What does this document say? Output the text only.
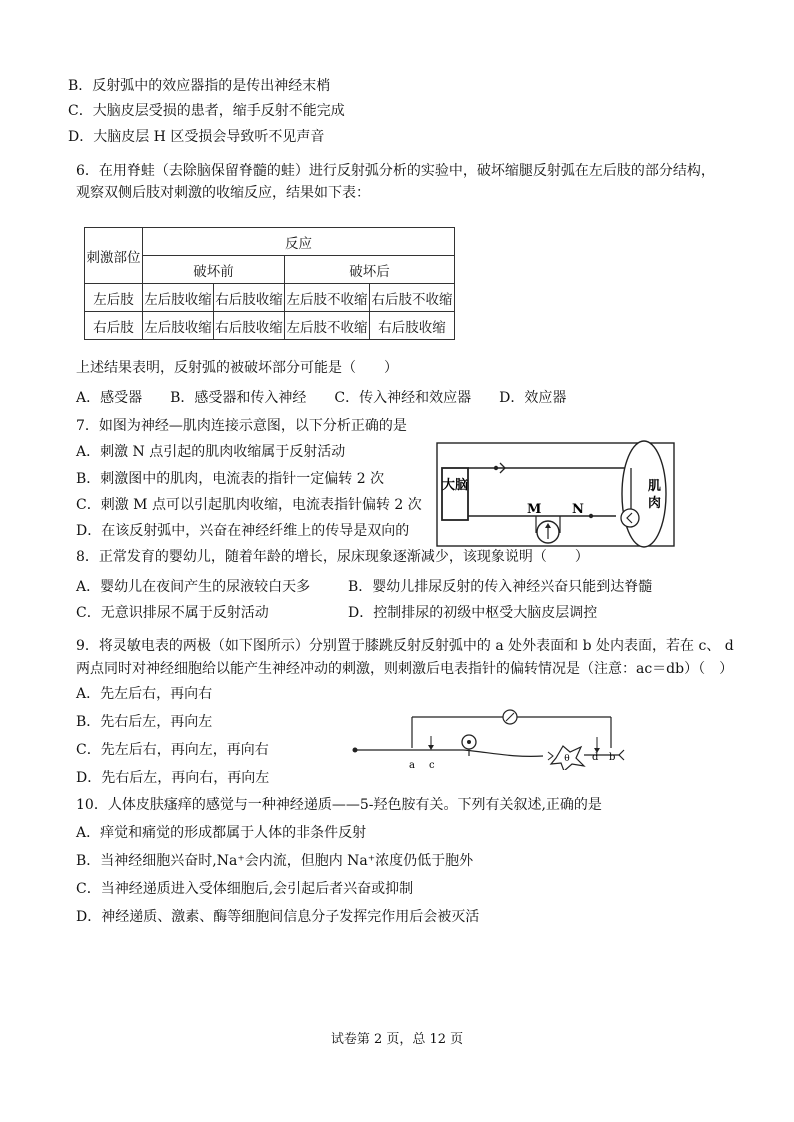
B．反射弧中的效应器指的是传出神经末梢
C．大脑皮层受损的患者，缩手反射不能完成
D．大脑皮层 H 区受损会导致听不见声音
6．在用脊蛙（去除脑保留脊髓的蛙）进行反射弧分析的实验中，破坏缩腿反射弧在左后肢的部分结构，
观察双侧后肢对刺激的收缩反应，结果如下表：
刺激部位	反应			
	破坏前		破坏后	
左后肢	左后肢收缩	右后肢收缩	左后肢不收缩	右后肢不收缩
右后肢	左后肢收缩	右后肢收缩	左后肢不收缩	右后肢收缩
上述结果表明，反射弧的被破坏部分可能是（　　）
A．感受器　　B．感受器和传入神经　　C．传入神经和效应器　　D．效应器
7．如图为神经—肌肉连接示意图，以下分析正确的是
A．刺激 N 点引起的肌肉收缩属于反射活动
B．刺激图中的肌肉，电流表的指针一定偏转 2 次
C．刺激 M 点可以引起肌肉收缩，电流表指针偏转 2 次
D．在该反射弧中，兴奋在神经纤维上的传导是双向的
大脑
M N
肌
肉
8．正常发育的婴幼儿，随着年龄的增长，尿床现象逐渐减少，该现象说明（　　）
A．婴幼儿在夜间产生的尿液较白天多	B．婴幼儿排尿反射的传入神经兴奋只能到达脊髓
C．无意识排尿不属于反射活动	D．控制排尿的初级中枢受大脑皮层调控
9．将灵敏电表的两极（如下图所示）分别置于膝跳反射反射弧中的 a 处外表面和 b 处内表面，若在 c、 d
两点同时对神经细胞给以能产生神经冲动的刺激，则刺激后电表指针的偏转情况是（注意：ac＝db）（　）
A．先左后右，再向右
B．先右后左，再向左
C．先左后右，再向左，再向右
D．先右后左，再向右，再向左
θ
a c
d b
10．人体皮肤瘙痒的感觉与一种神经递质——5-羟色胺有关。下列有关叙述,正确的是
A．痒觉和痛觉的形成都属于人体的非条件反射
B．当神经细胞兴奋时,Na⁺会内流，但胞内 Na⁺浓度仍低于胞外
C．当神经递质进入受体细胞后,会引起后者兴奋或抑制
D．神经递质、激素、酶等细胞间信息分子发挥完作用后会被灭活
试卷第 2 页，总 12 页
